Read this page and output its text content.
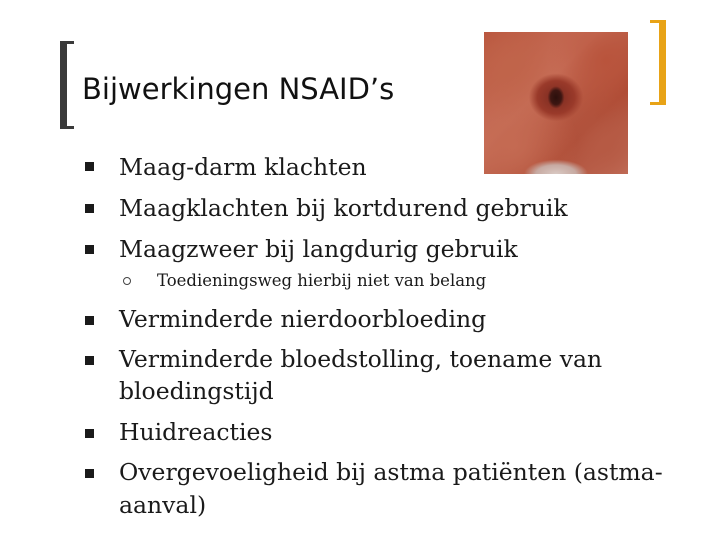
Bijwerkingen NSAID’s
Maag-darm klachten
Maagklachten bij kortdurend gebruik
Maagzweer bij langdurig gebruik
Toedieningsweg hierbij niet van belang
Verminderde nierdoorbloeding
Verminderde bloedstolling, toename van
bloedingstijd
Huidreacties
Overgevoeligheid bij astma patiënten (astma-
aanval)
